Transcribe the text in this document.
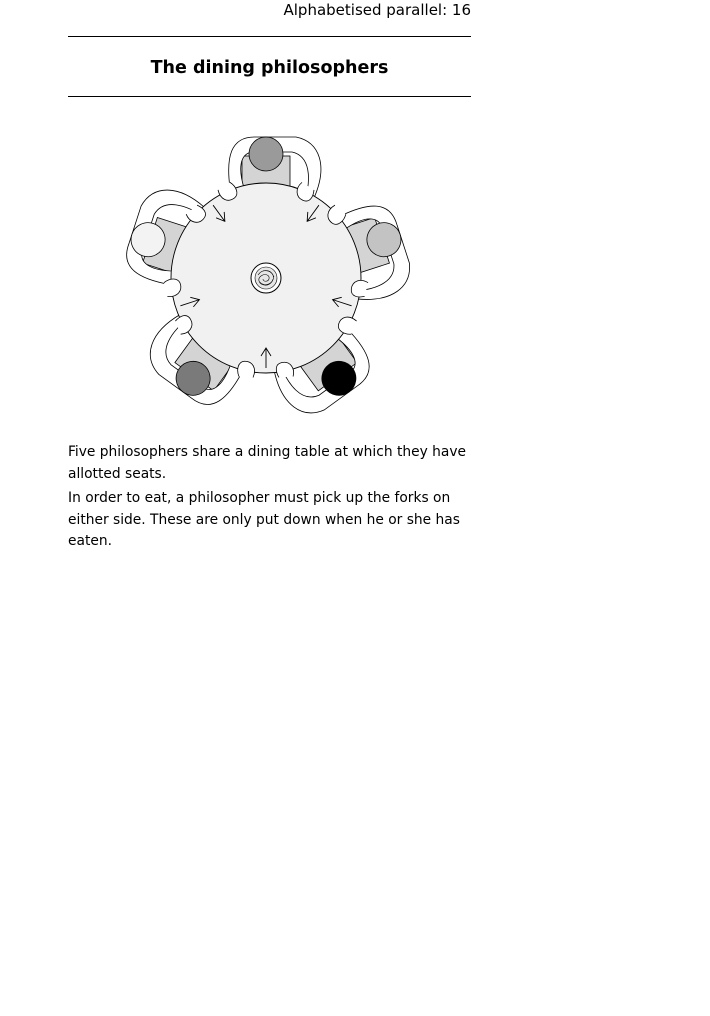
Alphabetised parallel: 16
The dining philosophers

Five philosophers share a dining table at which they have allotted seats.

In order to eat, a philosopher must pick up the forks on either side. These are only put down when he or she has eaten.
